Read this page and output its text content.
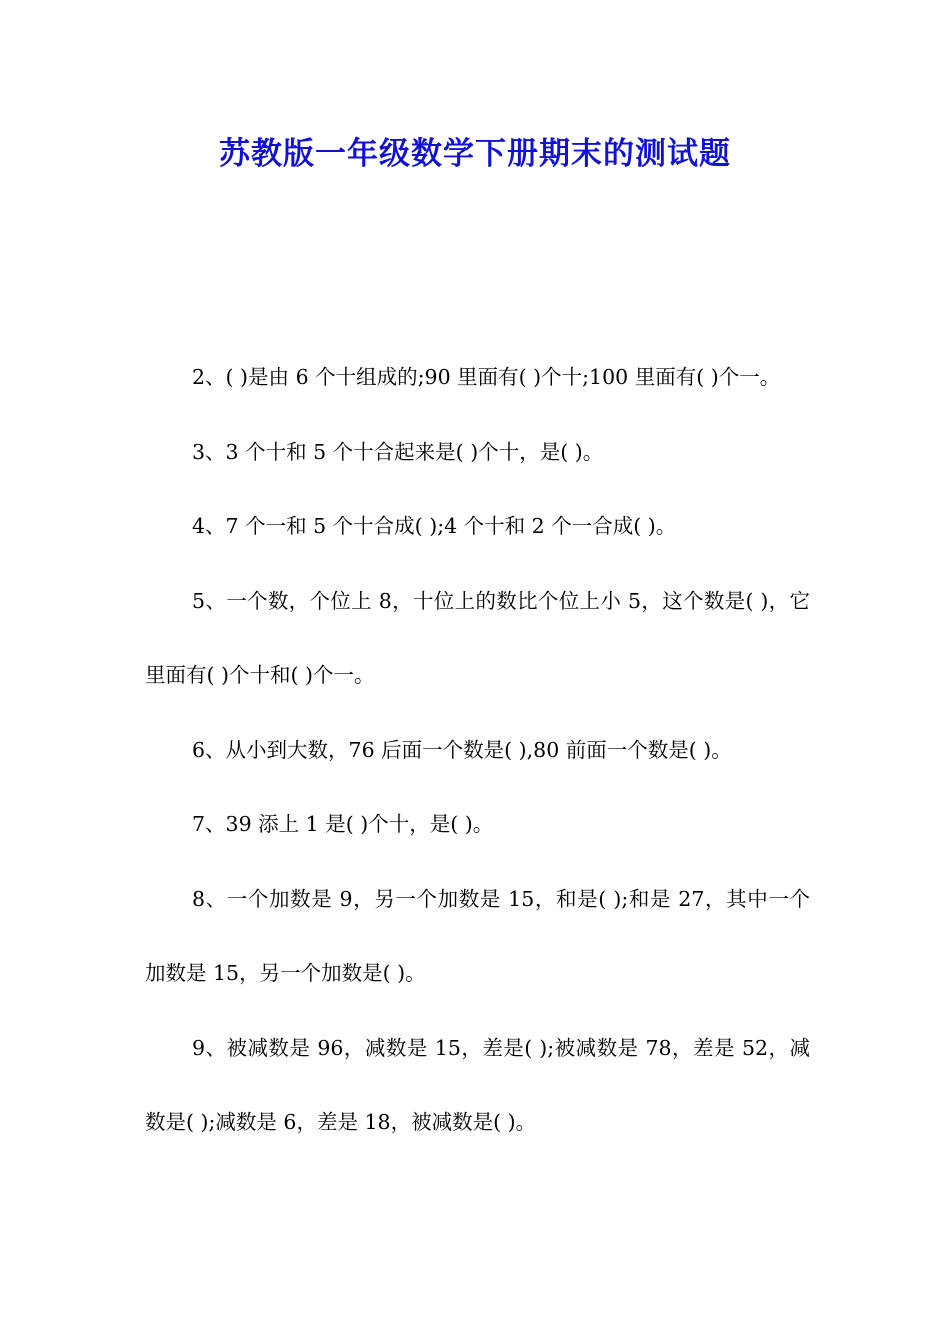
苏教版一年级数学下册期末的测试题

2、( )是由 6 个十组成的;90 里面有( )个十;100 里面有( )个一。

3、3 个十和 5 个十合起来是( )个十，是( )。

4、7 个一和 5 个十合成( );4 个十和 2 个一合成( )。

5、一个数，个位上 8，十位上的数比个位上小 5，这个数是( )，它里面有( )个十和( )个一。

6、从小到大数，76 后面一个数是( ),80 前面一个数是( )。

7、39 添上 1 是( )个十，是( )。

8、一个加数是 9，另一个加数是 15，和是( );和是 27，其中一个加数是 15，另一个加数是( )。

9、被减数是 96，减数是 15，差是( );被减数是 78，差是 52，减数是( );减数是 6，差是 18，被减数是( )。
